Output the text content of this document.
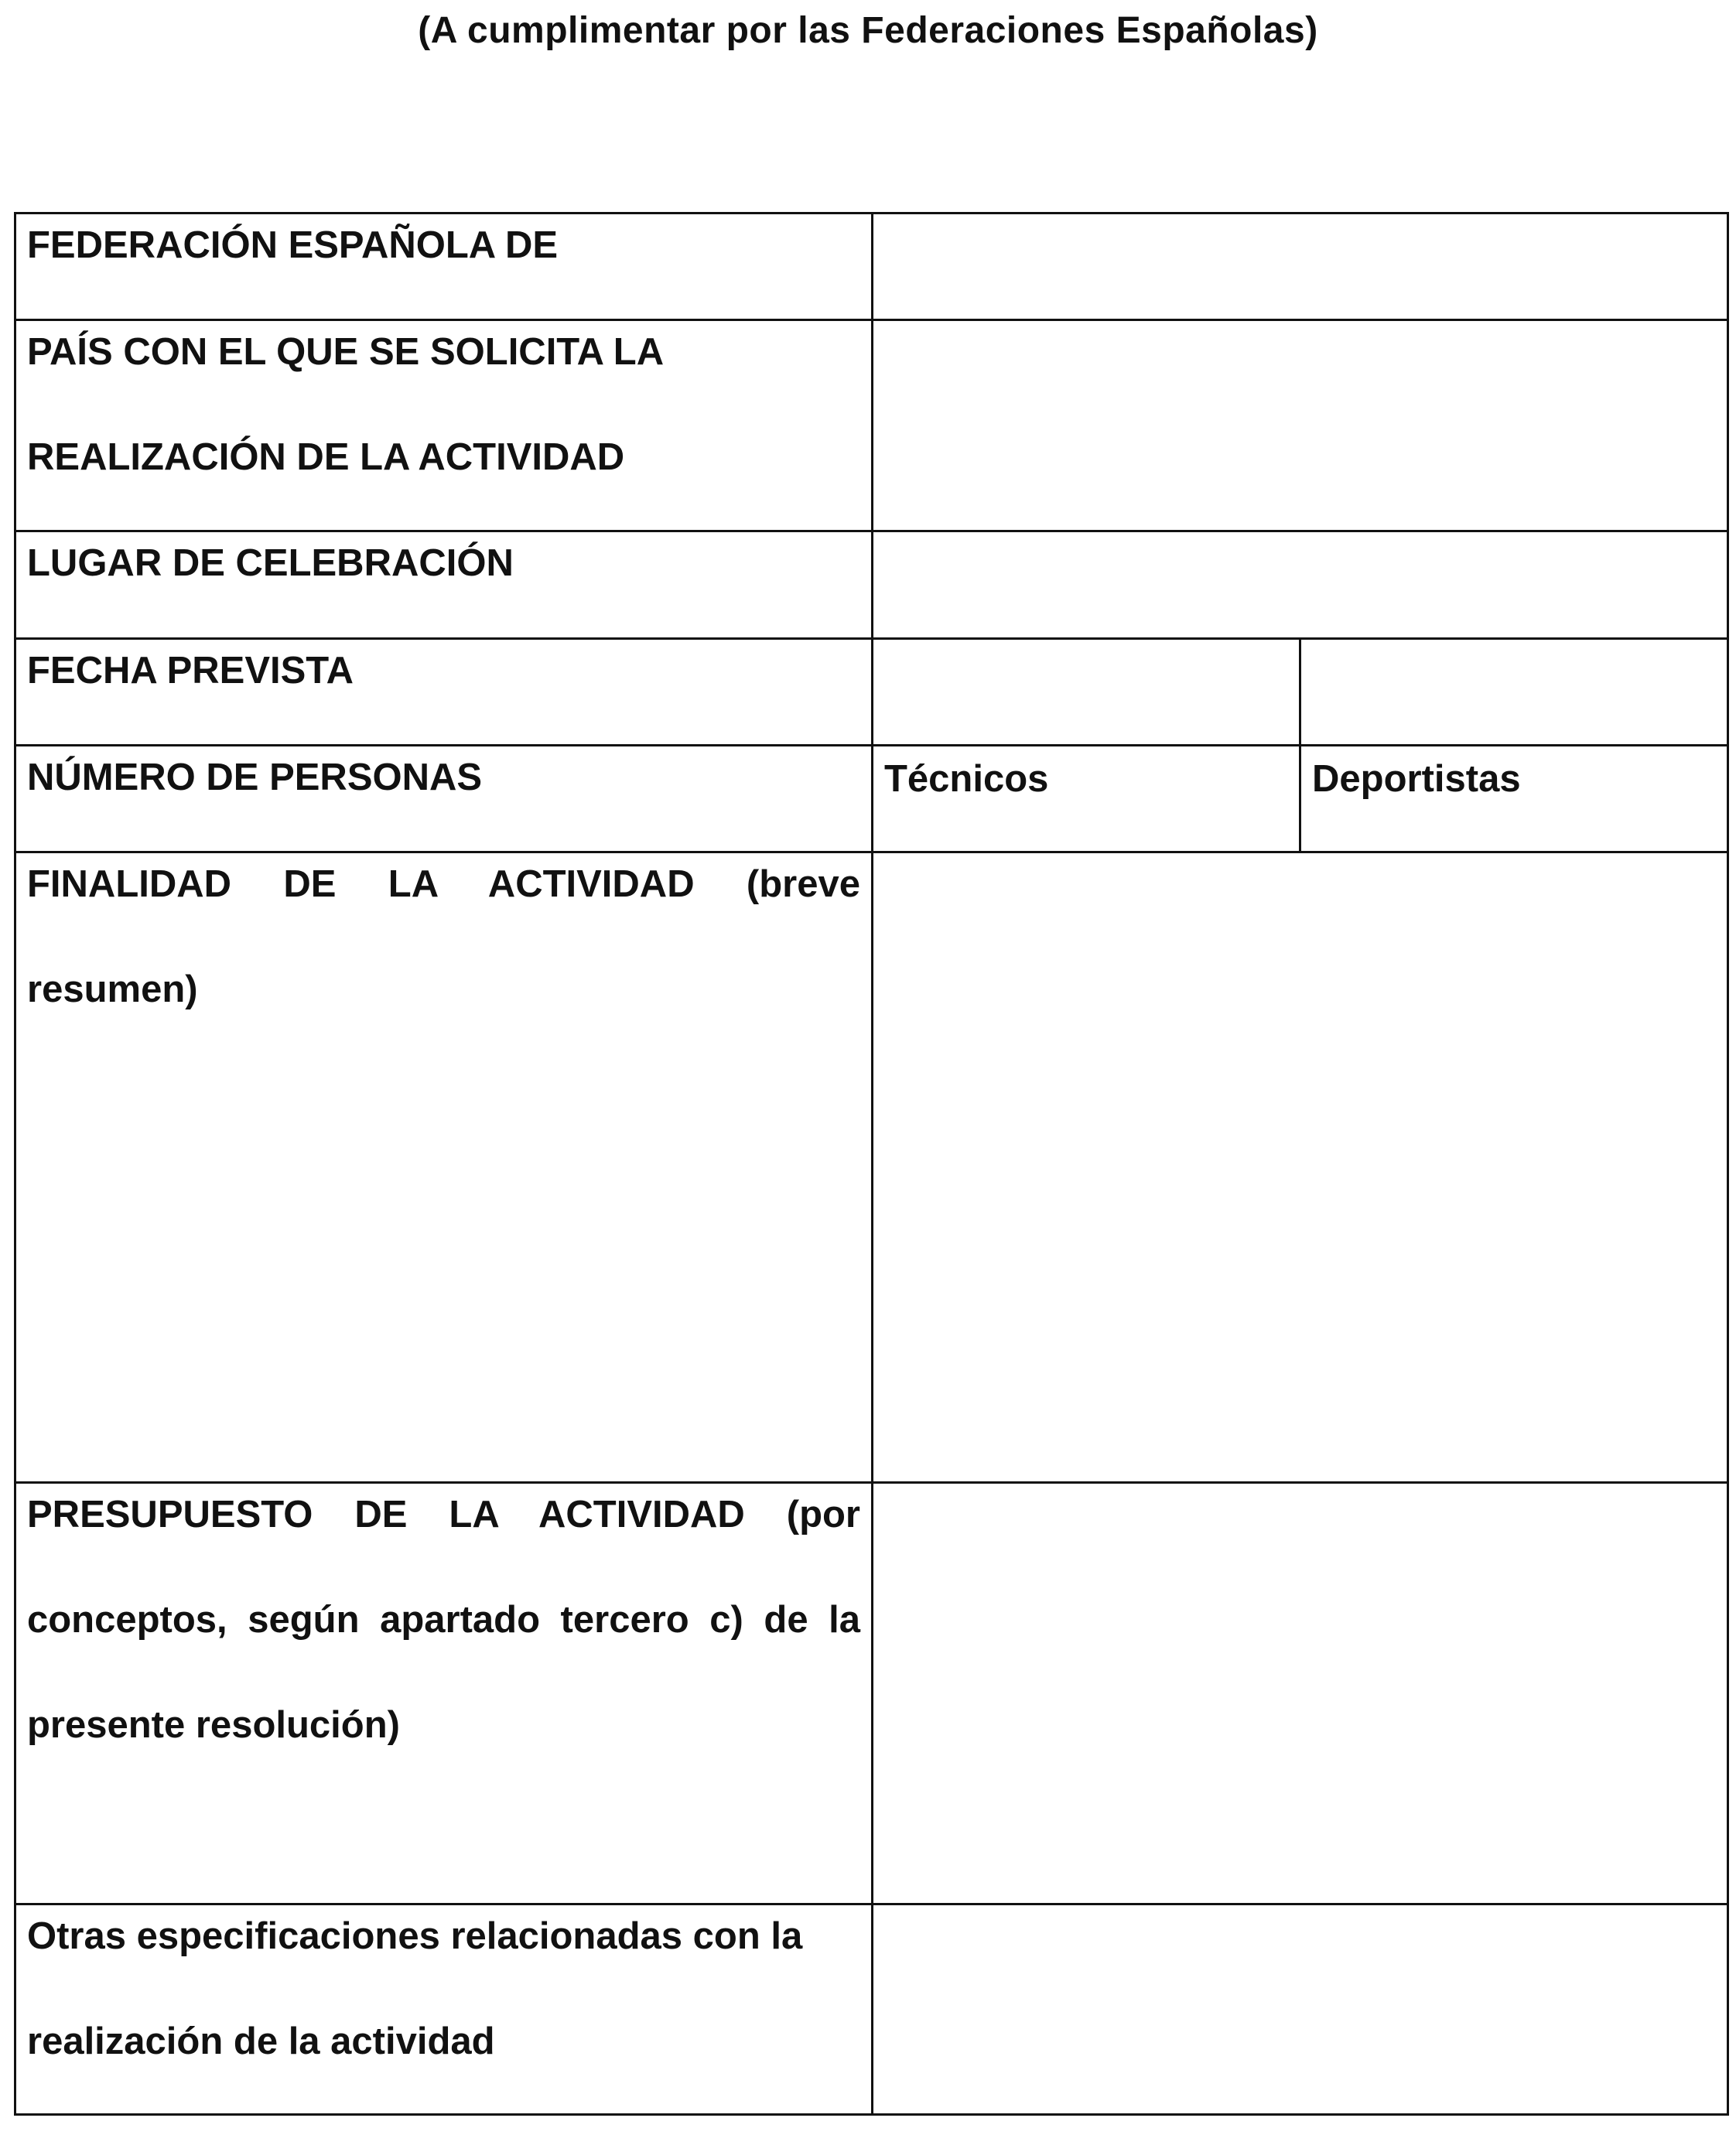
(A cumplimentar por las Federaciones Españolas)
FEDERACIÓN ESPAÑOLA DE		

PAÍS CON EL QUE SE SOLICITA LA REALIZACIÓN DE LA ACTIVIDAD		

LUGAR DE CELEBRACIÓN		

FECHA PREVISTA		

NÚMERO DE PERSONAS	Técnicos	Deportistas

FINALIDAD DE LA ACTIVIDAD (breve resumen)		

PRESUPUESTO DE LA ACTIVIDAD (por conceptos, según apartado tercero c) de la presente resolución)		

Otras especificaciones relacionadas con la realización de la actividad		
